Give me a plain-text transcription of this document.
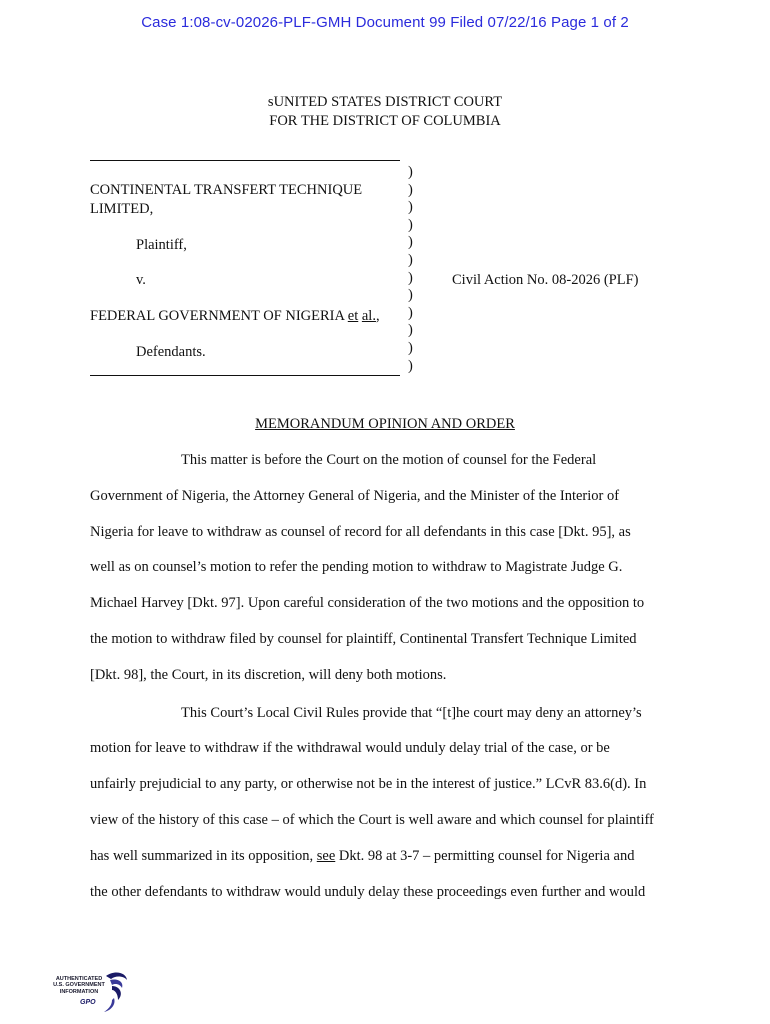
Case 1:08-cv-02026-PLF-GMH Document 99 Filed 07/22/16 Page 1 of 2
sUNITED STATES DISTRICT COURT
FOR THE DISTRICT OF COLUMBIA
)
)
)
)
)
)
)
)
)
)
)
)
CONTINENTAL TRANSFERT TECHNIQUE
LIMITED,
Plaintiff,
v.
FEDERAL GOVERNMENT OF NIGERIA et al.,
Defendants.
Civil Action No. 08-2026 (PLF)
MEMORANDUM OPINION AND ORDER
This matter is before the Court on the motion of counsel for the Federal
Government of Nigeria, the Attorney General of Nigeria, and the Minister of the Interior of
Nigeria for leave to withdraw as counsel of record for all defendants in this case [Dkt. 95], as
well as on counsel’s motion to refer the pending motion to withdraw to Magistrate Judge G.
Michael Harvey [Dkt. 97]. Upon careful consideration of the two motions and the opposition to
the motion to withdraw filed by counsel for plaintiff, Continental Transfert Technique Limited
[Dkt. 98], the Court, in its discretion, will deny both motions.
This Court’s Local Civil Rules provide that “[t]he court may deny an attorney’s
motion for leave to withdraw if the withdrawal would unduly delay trial of the case, or be
unfairly prejudicial to any party, or otherwise not be in the interest of justice.” LCvR 83.6(d). In
view of the history of this case – of which the Court is well aware and which counsel for plaintiff
has well summarized in its opposition, see Dkt. 98 at 3-7 – permitting counsel for Nigeria and
the other defendants to withdraw would unduly delay these proceedings even further and would
AUTHENTICATED
U.S. GOVERNMENT
INFORMATION
GPO
